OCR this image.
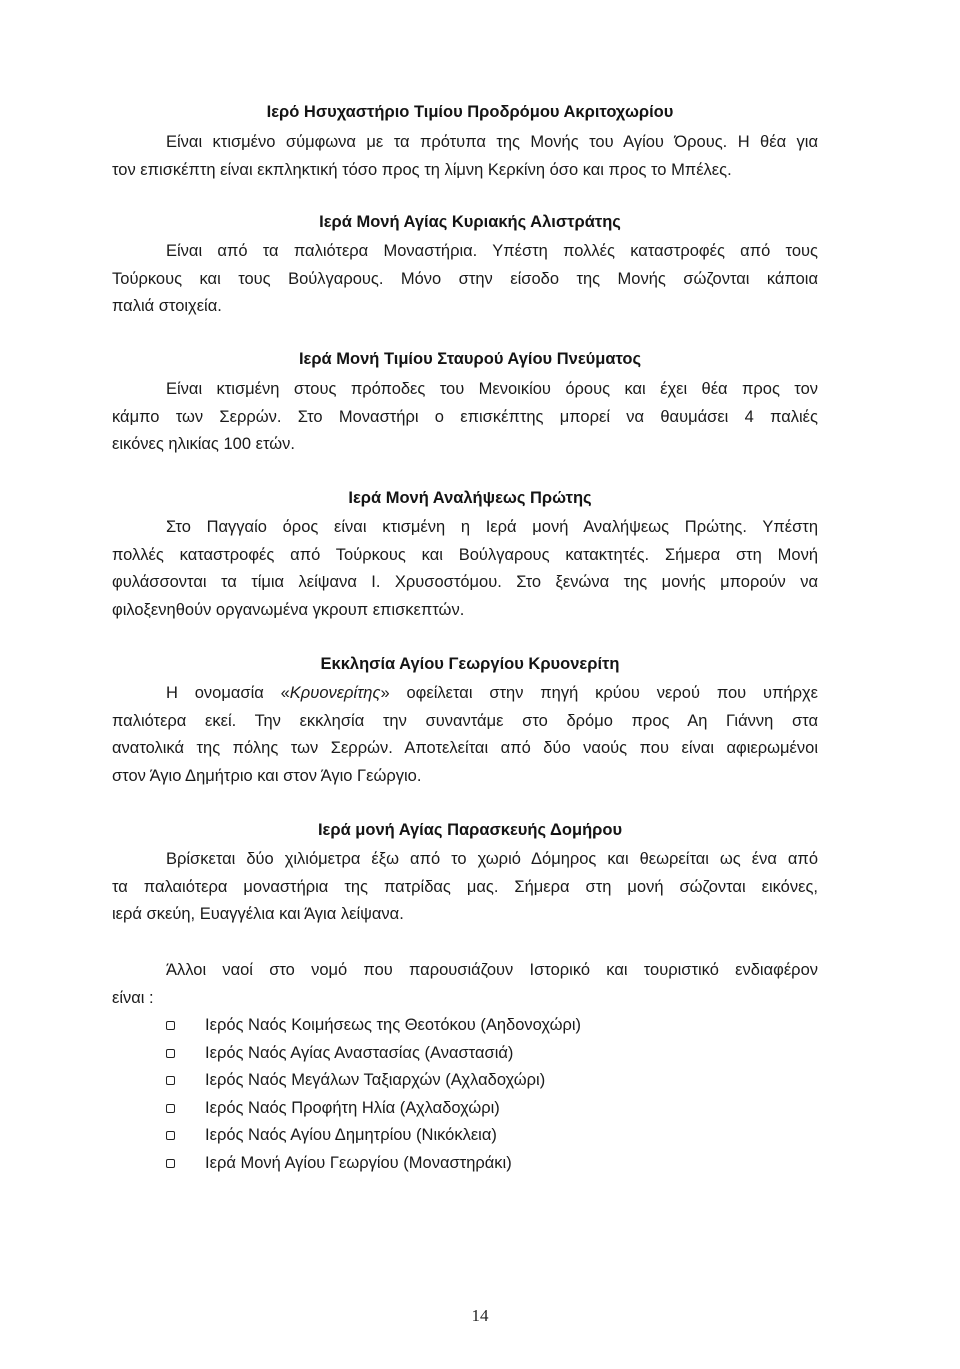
Ιερό Ησυχαστήριο Τιμίου Προδρόμου Ακριτοχωρίου
Είναι κτισμένο σύμφωνα με τα πρότυπα της Μονής του Αγίου Όρους. Η θέα για
τον επισκέπτη είναι εκπληκτική τόσο προς τη λίμνη Κερκίνη όσο και προς το Μπέλες.
Ιερά Μονή Αγίας Κυριακής Αλιστράτης
Είναι από τα παλιότερα Μοναστήρια. Υπέστη πολλές καταστροφές από τους
Τούρκους και τους Βούλγαρους. Μόνο στην είσοδο της Μονής σώζονται κάποια
παλιά στοιχεία.
Ιερά Μονή Τιμίου Σταυρού Αγίου Πνεύματος
Είναι κτισμένη στους πρόποδες του Μενοικίου όρους και έχει θέα προς τον
κάμπο των Σερρών. Στο Μοναστήρι ο επισκέπτης μπορεί να θαυμάσει 4 παλιές
εικόνες ηλικίας 100 ετών.
Ιερά Μονή Αναλήψεως Πρώτης
Στο Παγγαίο όρος είναι κτισμένη η Ιερά μονή Αναλήψεως Πρώτης. Υπέστη
πολλές καταστροφές από Τούρκους και Βούλγαρους κατακτητές. Σήμερα στη Μονή
φυλάσσονται τα τίμια λείψανα Ι. Χρυσοστόμου. Στο ξενώνα της μονής μπορούν να
φιλοξενηθούν οργανωμένα γκρουπ επισκεπτών.
Εκκλησία Αγίου Γεωργίου Κρυονερίτη
Η ονομασία «Κρυονερίτης» οφείλεται στην πηγή κρύου νερού που υπήρχε
παλιότερα εκεί. Την εκκλησία την συναντάμε στο δρόμο προς Αη Γιάννη στα
ανατολικά της πόλης των Σερρών. Αποτελείται από δύο ναούς που είναι αφιερωμένοι
στον Άγιο Δημήτριο και στον Άγιο Γεώργιο.
Ιερά μονή Αγίας Παρασκευής Δομήρου
Βρίσκεται δύο χιλιόμετρα έξω από το χωριό Δόμηρος και θεωρείται ως ένα από
τα παλαιότερα μοναστήρια της πατρίδας μας. Σήμερα στη μονή σώζονται εικόνες,
ιερά σκεύη, Ευαγγέλια και Άγια λείψανα.
Άλλοι ναοί στο νομό που παρουσιάζουν Ιστορικό και τουριστικό ενδιαφέρον
είναι :
Ιερός Ναός Κοιμήσεως της Θεοτόκου (Αηδονοχώρι)
Ιερός Ναός Αγίας Αναστασίας (Αναστασιά)
Ιερός Ναός Μεγάλων Ταξιαρχών (Αχλαδοχώρι)
Ιερός Ναός Προφήτη Ηλία (Αχλαδοχώρι)
Ιερός Ναός Αγίου Δημητρίου (Νικόκλεια)
Ιερά Μονή Αγίου Γεωργίου (Μοναστηράκι)
14
